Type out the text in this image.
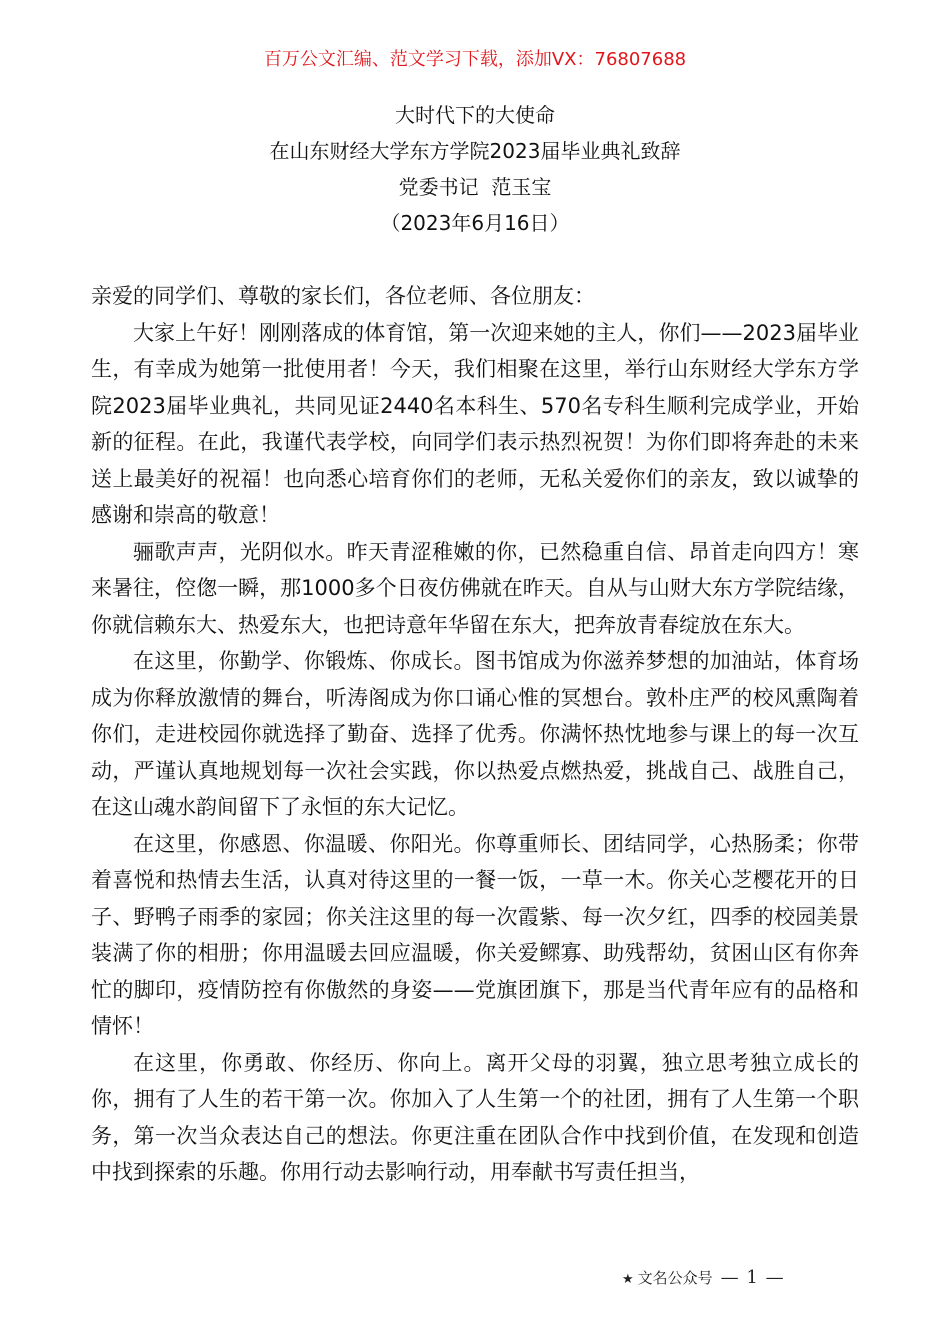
百万公文汇编、范文学习下载，添加VX：76807688
大时代下的大使命
在山东财经大学东方学院2023届毕业典礼致辞
党委书记  范玉宝
（2023年6月16日）

亲爱的同学们、尊敬的家长们，各位老师、各位朋友：

大家上午好！刚刚落成的体育馆，第一次迎来她的主人，你们——2023届毕业生，有幸成为她第一批使用者！今天，我们相聚在这里，举行山东财经大学东方学院2023届毕业典礼，共同见证2440名本科生、570名专科生顺利完成学业，开始新的征程。在此，我谨代表学校，向同学们表示热烈祝贺！为你们即将奔赴的未来送上最美好的祝福！也向悉心培育你们的老师，无私关爱你们的亲友，致以诚挚的感谢和崇高的敬意！

骊歌声声，光阴似水。昨天青涩稚嫩的你，已然稳重自信、昂首走向四方！寒来暑往，倥偬一瞬，那1000多个日夜仿佛就在昨天。自从与山财大东方学院结缘，你就信赖东大、热爱东大，也把诗意年华留在东大，把奔放青春绽放在东大。

在这里，你勤学、你锻炼、你成长。图书馆成为你滋养梦想的加油站，体育场成为你释放激情的舞台，听涛阁成为你口诵心惟的冥想台。敦朴庄严的校风熏陶着你们，走进校园你就选择了勤奋、选择了优秀。你满怀热忱地参与课上的每一次互动，严谨认真地规划每一次社会实践，你以热爱点燃热爱，挑战自己、战胜自己，在这山魂水韵间留下了永恒的东大记忆。

在这里，你感恩、你温暖、你阳光。你尊重师长、团结同学，心热肠柔；你带着喜悦和热情去生活，认真对待这里的一餐一饭，一草一木。你关心芝樱花开的日子、野鸭子雨季的家园；你关注这里的每一次霞紫、每一次夕红，四季的校园美景装满了你的相册；你用温暖去回应温暖，你关爱鳏寡、助残帮幼，贫困山区有你奔忙的脚印，疫情防控有你傲然的身姿——党旗团旗下，那是当代青年应有的品格和情怀！

在这里，你勇敢、你经历、你向上。离开父母的羽翼，独立思考独立成长的你，拥有了人生的若干第一次。你加入了人生第一个的社团，拥有了人生第一个职务，第一次当众表达自己的想法。你更注重在团队合作中找到价值，在发现和创造中找到探索的乐趣。你用行动去影响行动，用奉献书写责任担当，

★ 文名公众号 — 1 —
